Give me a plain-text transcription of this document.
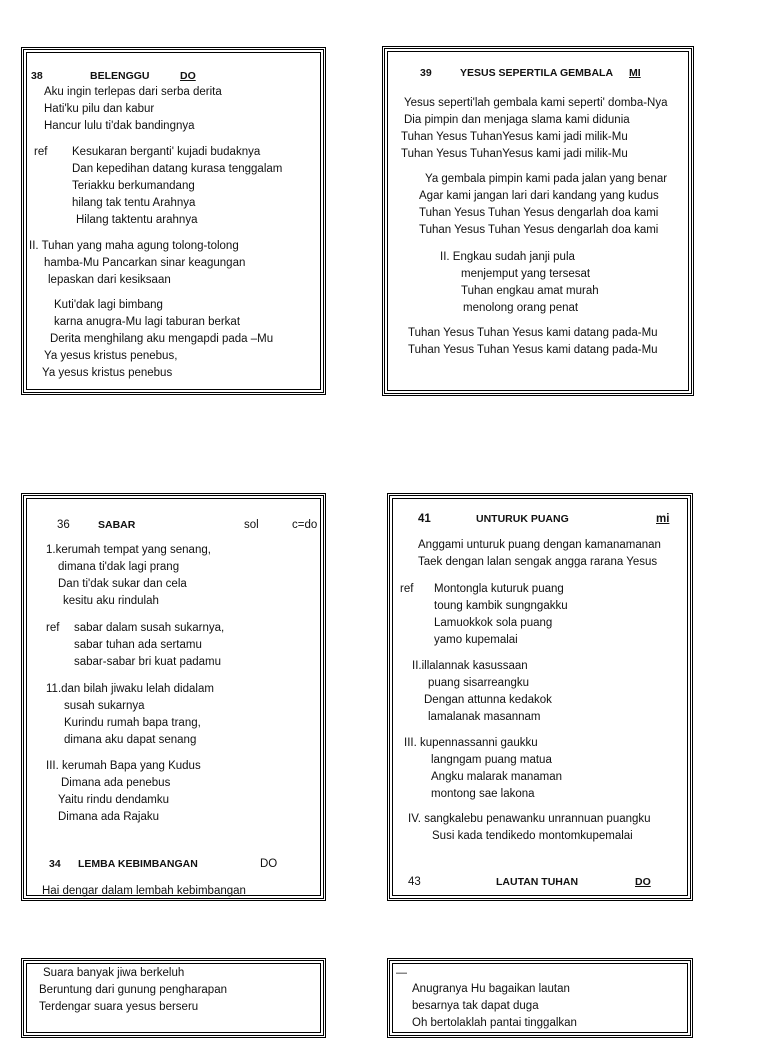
38	BELENGGU	DO
Aku ingin terlepas dari serba derita
Hati'ku pilu dan kabur
Hancur lulu ti'dak bandingnya
ref Kesukaran berganti' kujadi budaknya
Dan kepedihan datang kurasa tenggalam
Teriakku berkumandang
hilang tak tentu Arahnya
Hilang taktentu arahnya
II. Tuhan yang maha agung tolong-tolong
hamba-Mu Pancarkan sinar keagungan
lepaskan dari kesiksaan
Kuti'dak lagi bimbang
karna anugra-Mu lagi taburan berkat
Derita menghilang aku mengapdi pada –Mu
Ya yesus kristus penebus,
Ya yesus kristus penebus
39	YESUS SEPERTILA GEMBALA MI
Yesus seperti'lah gembala kami seperti' domba-Nya
Dia pimpin dan menjaga slama kami didunia
Tuhan Yesus TuhanYesus kami jadi milik-Mu
Tuhan Yesus TuhanYesus kami jadi milik-Mu
Ya gembala pimpin kami pada jalan yang benar
Agar kami jangan lari dari kandang yang kudus
Tuhan Yesus Tuhan Yesus dengarlah doa kami
Tuhan Yesus Tuhan Yesus dengarlah doa kami
II. Engkau sudah janji pula
menjemput yang tersesat
Tuhan engkau amat murah
menolong orang penat
Tuhan Yesus Tuhan Yesus kami datang pada-Mu
Tuhan Yesus Tuhan Yesus kami datang pada-Mu
36	SABAR	sol	c=do
1.kerumah tempat yang senang,
dimana ti'dak lagi prang
Dan ti'dak sukar dan cela
kesitu aku rindulah
ref sabar dalam susah sukarnya,
sabar tuhan ada sertamu
sabar-sabar bri kuat padamu
11.dan bilah jiwaku lelah didalam
susah sukarnya
Kurindu rumah bapa trang,
dimana aku dapat senang
III. kerumah Bapa yang Kudus
Dimana ada penebus
Yaitu rindu dendamku
Dimana ada Rajaku
34 LEMBA KEBIMBANGAN	DO
Hai dengar dalam lembah kebimbangan
41	UNTURUK PUANG	mi
Anggami unturuk puang dengan kamanamanan
Taek dengan lalan sengak angga rarana Yesus
ref Montongla kuturuk puang
toung kambik sungngakku
Lamuokkok sola puang
yamo kupemalai
II.illalannak kasussaan
puang sisarreangku
Dengan attunna kedakok
lamalanak masannam
III. kupennassanni gaukku
langngam puang matua
Angku malarak manaman
montong sae lakona
IV. sangkalebu penawanku unrannuan puangku
Susi kada tendikedo montomkupemalai
43	LAUTAN TUHAN	DO
Suara banyak jiwa berkeluh
Beruntung dari gunung pengharapan
Terdengar suara yesus berseru
—
Anugranya Hu bagaikan lautan
besarnya tak dapat duga
Oh bertolaklah pantai tinggalkan
